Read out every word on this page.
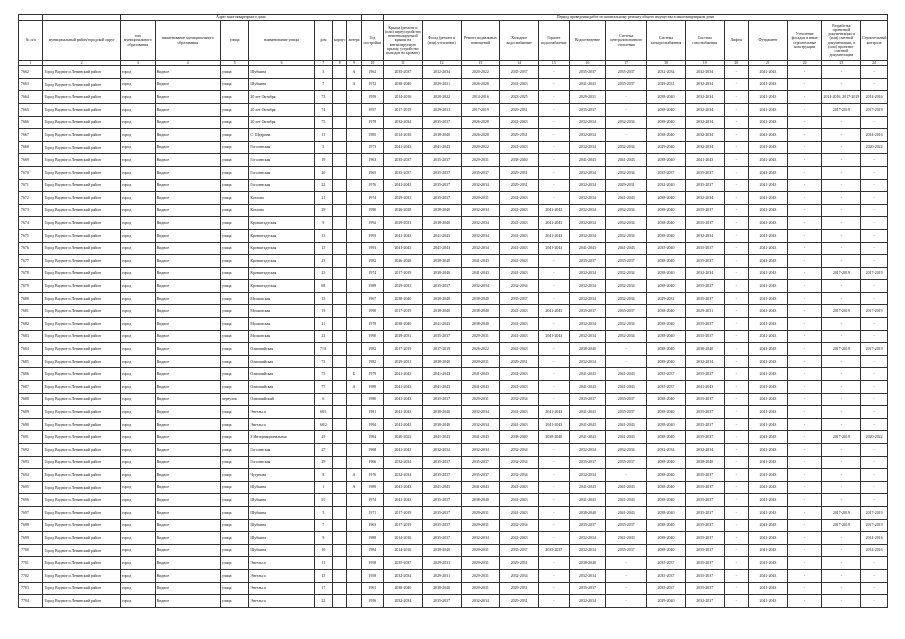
		Адрес многоквартирного дома								Период проведения работ по капитальному ремонту общего имущества в многоквартирном доме													
№ п/п	муниципальный район/городской округ	тип муниципального образования	наименование муниципального образования	улица	наименование улицы	дом	корпус	литера	Год постройки	Крыша (ремонт и (или) переустройство невентилируемой крыши на вентилируемую крышу, устройство выходов на кровлю)	Фасад (ремонт и (или) утепление)	Ремонт подвальных помещений	Холодное водоснабжение	Горячее водоснабжение	Водоотведение	Система централизованного отопления	Система электроснабжения	Система газоснабжения	Лифты	Фундамент	Утепление фасадов и иные строительные конструкции	Разработка проектной документации и (или) сметной документации, в (или) проектно-сметной документации	Строительный контроль
1	2	3	4	5	6	7	8	9	10	11	12	13	14	15	16	17	18	19	20	21	22	23	24
7662	Город Видное и Ленинский район	город	Видное	улица	Шубкина	3		А	1962	2035-2037	2032-2034	2020-2022	2035-2037	-	2035-2037	2035-2037	2032-2034	2032-2034	-	2041-2043	-	-	-
7663	Город Видное и Ленинский район	город	Видное	улица	Шубкина	7		А	1972	2038-2040	2029-2031	2026-2028	2041-2043	-	2041-2043	2035-2037	2029-2031	2032-2034	-	2041-2043	-	-	-
7664	Город Видное и Ленинский район	город	Видное	улица	20 лет Октября	73			1959	2014-2016	2020-2022	2014-2016	2023-2025	-	2029-2031	-	2038-2040	2032-2034	-	2041-2043	-	2014-2016, 2017-2019	2014-2016
7665	Город Видное и Ленинский район	город	Видное	улица	20 лет Октября	74			1957	2017-2019	2029-2031	2017-2019	2029-2031	-	2035-2037	-	2038-2040	2032-2034	-	2041-2043	-	2017-2019	2017-2019
7666	Город Видное и Ленинский район	город	Видное	улица	20 лет Октября	75			1978	2032-2034	2035-2037	2026-2028	2041-2043	-	2032-2034	2032-2034	2038-2040	2032-2034	-	2041-2043	-	-	-
7667	Город Видное и Ленинский район	город	Видное	улица	С. Щедрина	11			1985	2014-2016	2038-2040	2026-2028	2029-2031	-	2032-2034	-	2038-2040	2032-2034	-	2041-2043	-	-	2014-2016
7668	Город Видное и Ленинский район	город	Видное	улица	Гоголевская	5			1973	2041-2043	2041-2043	2020-2022	2041-2043	-	2032-2034	2032-2034	2029-2040	2032-2034	-	2041-2043	-	-	2020-2022
7669	Город Видное и Ленинский район	город	Видное	улица	Гоголевская	19			1963	2035-2037	2035-2037	2029-2031	2038-2040	-	2041-2043	2041-2043	2038-2040	2041-2043	-	2041-2043	-	-	-
7670	Город Видное и Ленинский район	город	Видное	улица	Гоголевская	20			1965	2035-2037	2035-2037	2035-2037	2029-2031	-	2032-2034	2032-2034	2035-2037	2035-2037	-	2041-2043	-	-	-
7671	Город Видное и Ленинский район	город	Видное	улица	Гоголевская	22			1976	2041-2043	2035-2037	2032-2034	2029-2031	-	2032-2034	2029-2031	2032-2040	2035-2037	-	2041-2043	-	-	-
7672	Город Видное и Ленинский район	город	Видное	улица	Козлова	21			1974	2029-2031	2035-2037	2029-2031	2041-2043	-	2032-2034	2041-2043	2038-2040	2032-2034	-	2041-2043	-	-	-
7673	Город Видное и Ленинский район	город	Видное	улица	Козлова	29			1990	2026-2028	2038-2040	2032-2034	2041-2043	2041-2043	2032-2034	2032-2034	2038-2040	2035-2037	-	2041-2043	-	-	-
7674	Город Видное и Ленинский район	город	Видное	улица	Кронштадтская	9			1992	2029-2031	2038-2040	2032-2034	2041-2043	2041-2043	2032-2034	2032-2034	2038-2040	2035-2037	-	2041-2043	-	-	-
7675	Город Видное и Ленинский район	город	Видное	улица	Кронштадтская	13			1993	2041-2043	2041-2043	2032-2034	2041-2043	2041-2043	2032-2034	2032-2034	2038-2040	2032-2034	-	2041-2043	-	-	-
7676	Город Видное и Ленинский район	город	Видное	улица	Кронштадтская	15			1993	2041-2043	2041-2043	2032-2034	2041-2043	2041-2043	2041-2043	2041-2043	2035-2040	2035-2037	-	2041-2043	-	-	-
7677	Город Видное и Ленинский район	город	Видное	улица	Кронштадтская	23			1982	2026-2028	2038-2040	2041-2043	2041-2043	-	2035-2037	2035-2037	2038-2040	2035-2037	-	2041-2043	-	-	-
7678	Город Видное и Ленинский район	город	Видное	улица	Кронштадтская	25			1974	2017-2019	2038-2040	2041-2043	2041-2043	-	2032-2034	2032-2034	2038-2040	2032-2034	-	2041-2043	-	2017-2019	2017-2019
7679	Город Видное и Ленинский район	город	Видное	улица	Кронштадтская	68			1989	2029-2031	2035-2037	2032-2034	2032-2034	-	2032-2034	2032-2034	2038-2040	2035-2037	-	2041-2043	-	-	-
7680	Город Видное и Ленинский район	город	Видное	улица	Московская	15			1967	2038-2040	2038-2040	2038-2040	2035-2037	-	2032-2034	2032-2034	2029-2031	2035-2037	-	2041-2043	-	-	-
7681	Город Видное и Ленинский район	город	Видное	улица	Московская	19			1990	2017-2019	2038-2040	2038-2040	2041-2043	2041-2043	2035-2037	2035-2037	2038-2040	2029-2031	-	2041-2043	-	2017-2019	2017-2019
7682	Город Видное и Ленинский район	город	Видное	улица	Московская	21			1978	2038-2040	2041-2043	2038-2040	2041-2043	-	2032-2034	2032-2034	2038-2040	2035-2037	-	2041-2043	-	-	-
7683	Город Видное и Ленинский район	город	Видное	улица	Московская	23			1990	2029-2031	2035-2037	2029-2031	2041-2043	2041-2043	2032-2034	2032-2034	2038-2040	2035-2037	-	2041-2043	-	-	-
7684	Город Видное и Ленинский район	город	Видное	улица	Олимпийская	7/11			1982	2017-2019	2017-2019	2026-2022	2041-2043	-	2038-2040	-	2038-2040	2038-2040	-	2041-2043	-	2017-2019	2017-2019
7685	Город Видное и Ленинский район	город	Видное	улица	Олимпийская	73			1982	2029-2031	2038-2040	2029-2031	2029-2031	-	2032-2034	-	2038-2040	2032-2034	-	2041-2043	-	-	-
7686	Город Видное и Ленинский район	город	Видное	улица	Олимпийская	75		Б	1979	2041-2043	2041-2043	2041-2043	2041-2043	-	2041-2043	2041-2043	2035-2037	2035-2037	-	2041-2043	-	-	-
7687	Город Видное и Ленинский район	город	Видное	улица	Олимпийская	77		А	1989	2041-2043	2041-2043	2041-2043	2041-2043	-	2041-2043	2041-2043	2035-2037	2041-2043	-	2041-2043	-	-	-
7688	Город Видное и Ленинский район	город	Видное	переулок	Олимпийский	6			1980	2041-2043	2035-2037	2029-2031	2032-2034	-	2035-2037	2035-2037	2038-2040	2035-2037	-	2041-2043	-	-	-
7689	Город Видное и Ленинский район	город	Видное	улица	Энгельса	68/1			1981	2041-2043	2038-2040	2032-2034	2041-2043	2041-2043	2041-2043	2035-2037	2038-2040	2035-2037	-	2041-2043	-	-	-
7690	Город Видное и Ленинский район	город	Видное	улица	Энгельса	68/2			1994	2041-2043	2038-2040	2032-2034	2041-2043	2041-2043	2041-2043	2041-2043	2038-2040	2035-2037	-	2041-2043	-	-	-
7691	Город Видное и Ленинский район	город	Видное	улица	З Интернациональная	29			1984	2020-2022	2041-2043	2041-2043	2038-2040	2038-2040	2041-2043	2041-2043	2038-2040	2035-2037	-	2041-2043	-	2017-2019	2020-2022
7692	Город Видное и Ленинский район	город	Видное	улица	Гоголевская	27			1968	2041-2043	2032-2034	2032-2034	2032-2034	-	2032-2034	2032-2034	2032-2034	2032-2034	-	2041-2043	-	-	-
7693	Город Видное и Ленинский район	город	Видное	улица	Гоголевская	29			1966	2032-2034	2035-2037	2035-2037	2032-2034	-	2035-2037	2035-2037	2038-2040	2038-2040	-	2041-2043	-	-	-
7694	Город Видное и Ленинский район	город	Видное	улица	Чугунова	8		А	1976	2032-2034	2035-2037	2035-2037	2032-2034	-	2032-2034	-	2038-2040	2035-2037	-	2041-2043	-	-	-
7695	Город Видное и Ленинский район	город	Видное	улица	Шубкина	1		А	1989	2041-2043	2041-2043	2041-2043	2041-2043	-	2041-2043	2041-2043	2038-2040	2035-2037	-	2041-2043	-	-	-
7696	Город Видное и Ленинский район	город	Видное	улица	Шубкина	3/1			1974	2041-2043	2035-2037	2038-2040	2041-2043	-	2041-2043	2041-2043	2038-2040	2035-2037	-	2041-2043	-	-	-
7697	Город Видное и Ленинский район	город	Видное	улица	Шубкина	5			1971	2017-2019	2035-2037	2029-2031	2041-2043	-	2038-2040	2041-2043	2038-2040	2035-2037	-	2041-2043	-	2017-2019	2017-2019
7698	Город Видное и Ленинский район	город	Видное	улица	Шубкина	7			1963	2017-2019	2035-2037	2029-2031	2032-2034	-	2035-2037	2035-2037	2038-2040	2035-2037	-	2041-2043	-	2017-2019	2017-2019
7699	Город Видное и Ленинский район	город	Видное	улица	Шубкина	9			1988	2014-2016	2035-2037	2032-2034	2041-2043	-	2032-2034	2041-2043	2038-2040	2035-2037	-	2041-2043	-	-	2014-2016
7700	Город Видное и Ленинский район	город	Видное	улица	Шубкина	16			1984	2014-2016	2038-2040	2029-2031	2035-2037	2035-2037	2032-2034	2035-2037	2038-2040	2035-2037	-	2041-2043	-	-	2014-2016
7701	Город Видное и Ленинский район	город	Видное	улица	Энгельса	11			1958	2035-2037	2029-2031	2029-2031	2029-2031	-	2038-2040	-	2035-2037	2035-2037	-	2041-2043	-	-	-
7702	Город Видное и Ленинский район	город	Видное	улица	Энгельса	15			1958	2032-2034	2029-2031	2029-2031	2032-2034	-	2032-2034	-	2035-2037	2035-2037	-	2041-2043	-	-	-
7703	Город Видное и Ленинский район	город	Видное	улица	Энгельса	17			1961	2038-2040	2038-2040	2029-2031	2029-2031	-	2035-2037	-	2035-2037	2035-2037	-	2041-2043	-	-	-
7704	Город Видное и Ленинский район	город	Видное	улица	Энгельса	22			1956	2032-2034	2035-2037	2032-2034	2029-2031	-	2032-2034	-	2029-2040	2032-2037	-	2041-2043	-	-	-
